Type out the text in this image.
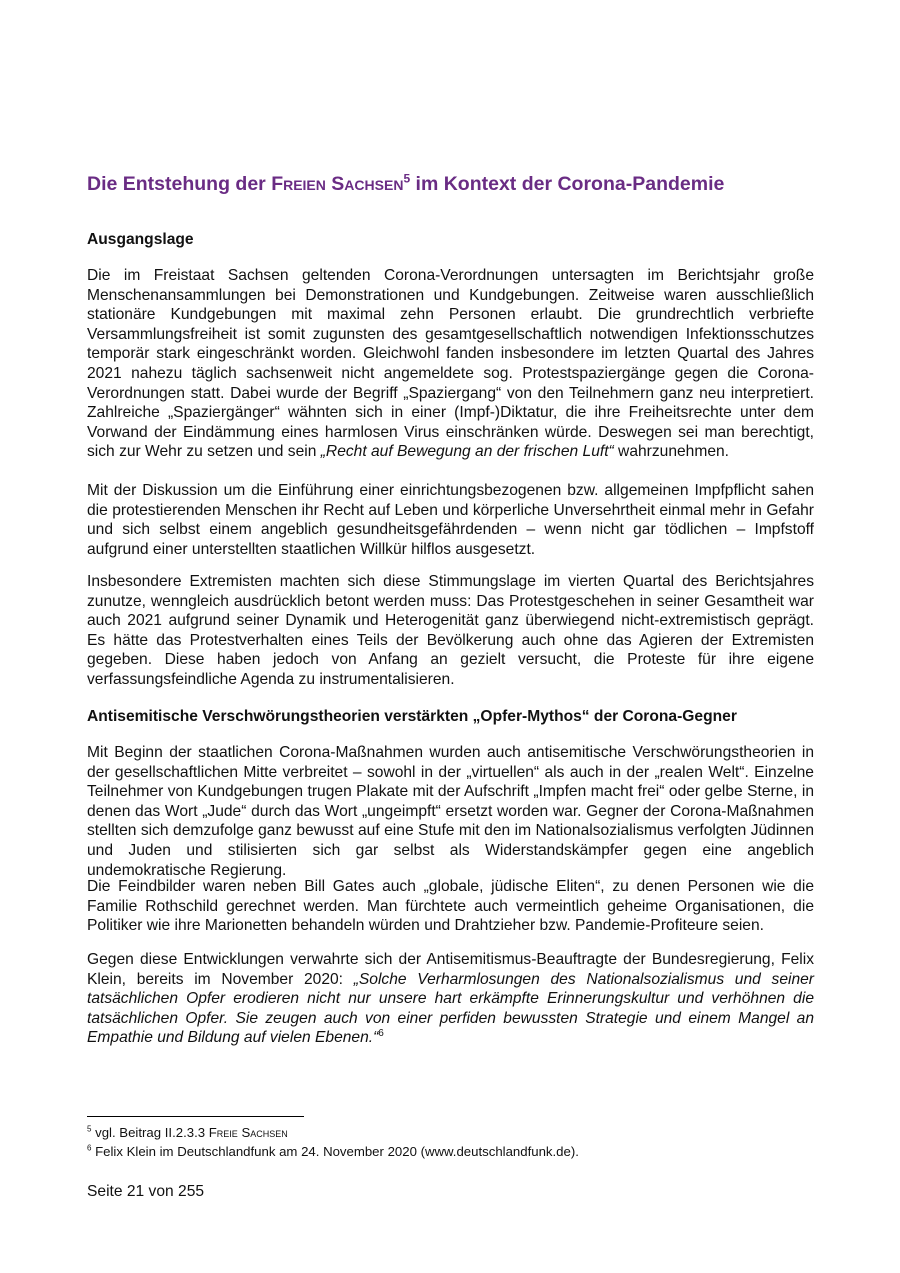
Die Entstehung der Freien Sachsen$^5$ im Kontext der Corona-Pandemie
Ausgangslage

Die im Freistaat Sachsen geltenden Corona-Verordnungen untersagten im Berichtsjahr große Menschenansammlungen bei Demonstrationen und Kundgebungen. Zeitweise waren ausschließlich stationäre Kundgebungen mit maximal zehn Personen erlaubt. Die grundrechtlich verbriefte Versammlungsfreiheit ist somit zugunsten des gesamtgesellschaftlich notwendigen Infektionsschutzes temporär stark eingeschränkt worden. Gleichwohl fanden insbesondere im letzten Quartal des Jahres 2021 nahezu täglich sachsenweit nicht angemeldete sog. Protestspaziergänge gegen die Corona-Verordnungen statt. Dabei wurde der Begriff „Spaziergang“ von den Teilnehmern ganz neu interpretiert. Zahlreiche „Spaziergänger“ wähnten sich in einer (Impf-)Diktatur, die ihre Freiheitsrechte unter dem Vorwand der Eindämmung eines harmlosen Virus einschränken würde. Deswegen sei man berechtigt, sich zur Wehr zu setzen und sein „Recht auf Bewegung an der frischen Luft“ wahrzunehmen.

Mit der Diskussion um die Einführung einer einrichtungsbezogenen bzw. allgemeinen Impfpflicht sahen die protestierenden Menschen ihr Recht auf Leben und körperliche Unversehrtheit einmal mehr in Gefahr und sich selbst einem angeblich gesundheitsgefährdenden – wenn nicht gar tödlichen – Impfstoff aufgrund einer unterstellten staatlichen Willkür hilflos ausgesetzt.

Insbesondere Extremisten machten sich diese Stimmungslage im vierten Quartal des Berichtsjahres zunutze, wenngleich ausdrücklich betont werden muss: Das Protestgeschehen in seiner Gesamtheit war auch 2021 aufgrund seiner Dynamik und Heterogenität ganz überwiegend nicht-extremistisch geprägt. Es hätte das Protestverhalten eines Teils der Bevölkerung auch ohne das Agieren der Extremisten gegeben. Diese haben jedoch von Anfang an gezielt versucht, die Proteste für ihre eigene verfassungsfeindliche Agenda zu instrumentalisieren.

Antisemitische Verschwörungstheorien verstärkten „Opfer-Mythos“ der Corona-Gegner

Mit Beginn der staatlichen Corona-Maßnahmen wurden auch antisemitische Verschwörungstheorien in der gesellschaftlichen Mitte verbreitet – sowohl in der „virtuellen“ als auch in der „realen Welt“. Einzelne Teilnehmer von Kundgebungen trugen Plakate mit der Aufschrift „Impfen macht frei“ oder gelbe Sterne, in denen das Wort „Jude“ durch das Wort „ungeimpft“ ersetzt worden war. Gegner der Corona-Maßnahmen stellten sich demzufolge ganz bewusst auf eine Stufe mit den im Nationalsozialismus verfolgten Jüdinnen und Juden und stilisierten sich gar selbst als Widerstandskämpfer gegen eine angeblich undemokratische Regierung.

Die Feindbilder waren neben Bill Gates auch „globale, jüdische Eliten“, zu denen Personen wie die Familie Rothschild gerechnet werden. Man fürchtete auch vermeintlich geheime Organisationen, die Politiker wie ihre Marionetten behandeln würden und Drahtzieher bzw. Pandemie-Profiteure seien.

Gegen diese Entwicklungen verwahrte sich der Antisemitismus-Beauftragte der Bundesregierung, Felix Klein, bereits im November 2020: „Solche Verharmlosungen des Nationalsozialismus und seiner tatsächlichen Opfer erodieren nicht nur unsere hart erkämpfte Erinnerungskultur und verhöhnen die tatsächlichen Opfer. Sie zeugen auch von einer perfiden bewussten Strategie und einem Mangel an Empathie und Bildung auf vielen Ebenen.“$^6$

$^5$ vgl. Beitrag II.2.3.3 Freie Sachsen

$^6$ Felix Klein im Deutschlandfunk am 24. November 2020 (www.deutschlandfunk.de).

Seite 21 von 255
